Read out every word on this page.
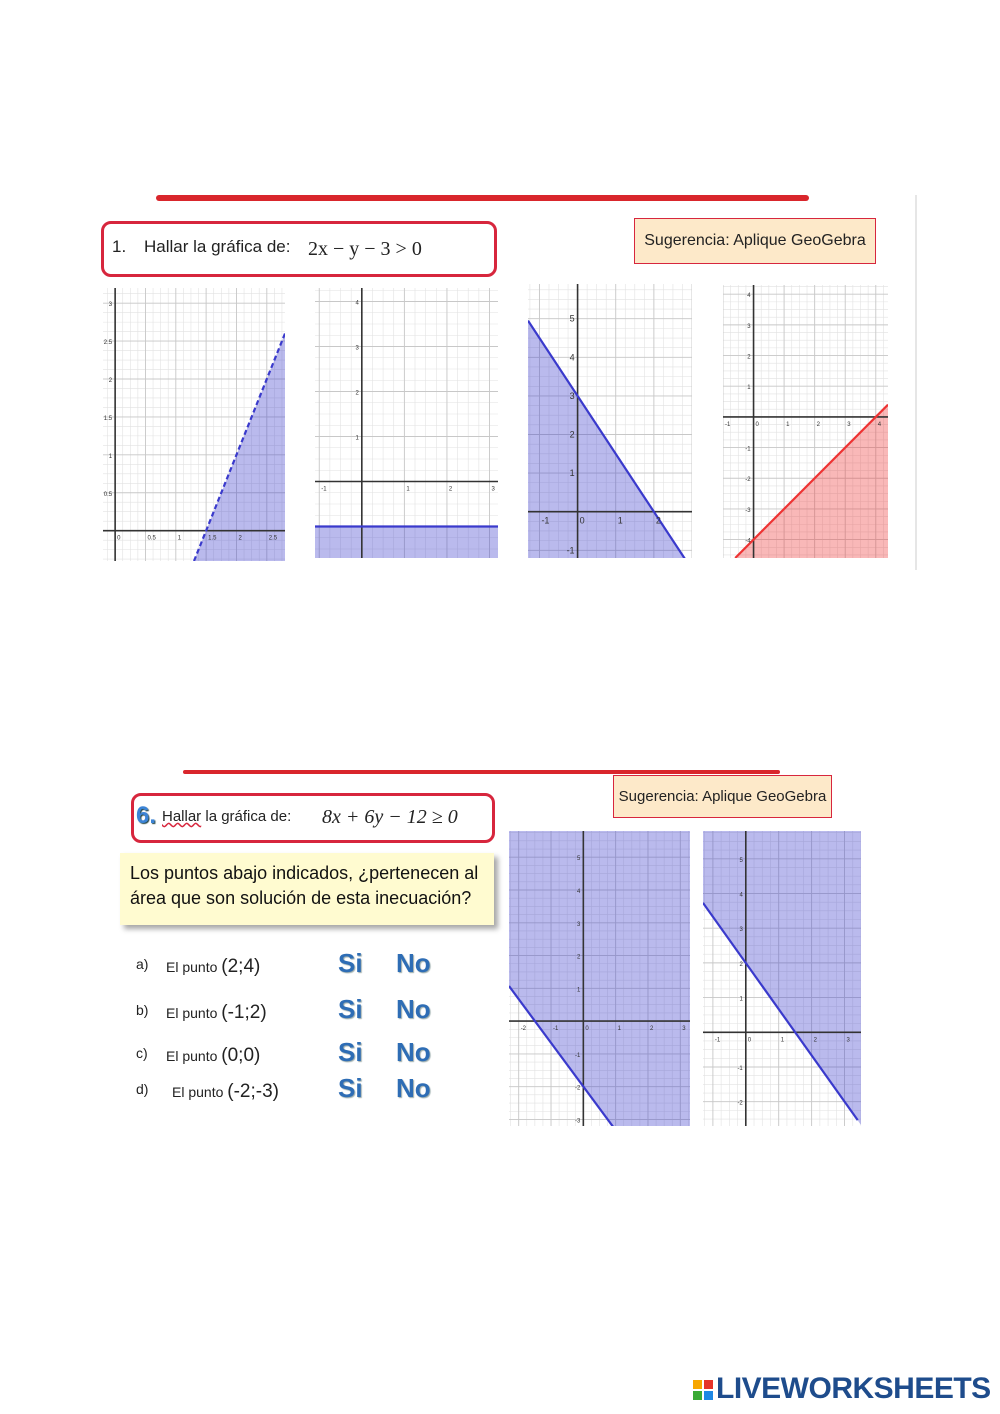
1. Hallar la gráfica de: 2x − y − 3 > 0	Sugerencia: Aplique GeoGebra
0	0.5	1	1.5	2	2.5
0.5
1
1.5
2
2.5
3
-1	1	2	3
1
2
3
4
-1	0	1	2
-1
1
2
3
4
5
-1	0	1	2	3	4
-4
-3
-2
-1
1
2
3
4
6. Hallar la gráfica de: 8x + 6y − 12 ≥ 0
Sugerencia: Aplique GeoGebra
Los puntos abajo indicados, ¿pertenecen al área que son solución de esta inecuación?
a) El punto (2;4)	Si No
b) El punto (-1;2)	Si No
c) El punto (0;0)	Si No
d) El punto (-2;-3) Si No
-2	-1	0	1	2	3
-3
-2
-1
1
2
3
4
5
-1	0	1	2	3
-2
-1
1
2
3
4
5
LIVEWORKSHEETS
